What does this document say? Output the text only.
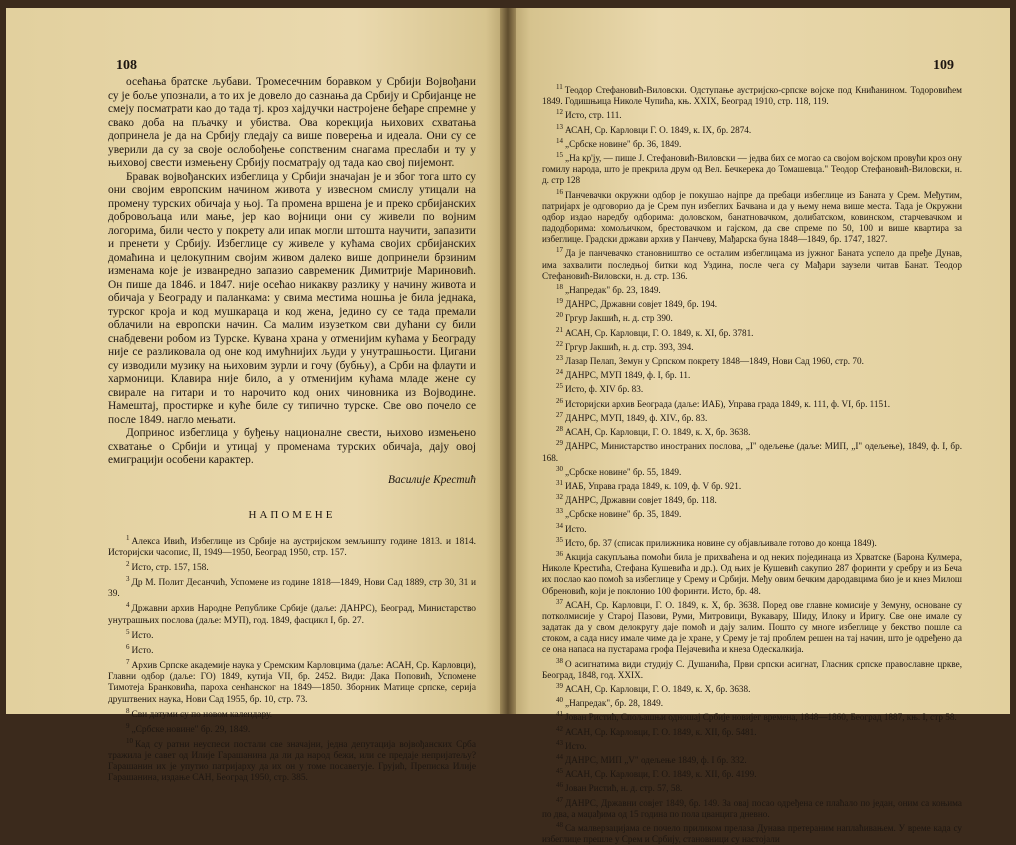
108	109

осећања братске љубави. Тромесечним боравком у Србији Војвођани су је боље упознали, а то их је довело до сазнања да Србију и Србијанце не смеју посматрати као до тада тј. кроз хајдучки настројене беђаре спремне у свако доба на пљачку и убиства. Ова корекција њихових схватања допринела је да на Србију гледају са више поверења и идеала. Они су се уверили да су за своје ослобођење сопственим снагама преслаби и ту у њиховој свести измењену Србију посматрају од тада као свој пиjемонт.

Бравак војвођанских избеглица у Србији значајан је и због тога што су они својим европским начином живота у извесном смислу утицали на промену турских обичаја у њој. Та промена вршена је и преко србијанских добровољаца или мање, јер као војници они су живели по војним логорима, били често у покрету али ипак могли штошта научити, запазити и пренети у Србију. Избеглице су живеле у кућама својих србијанских домаћина и целокупним својим живом далеко више допринели брзиним изменама које је изванредно запазио савременик Димитрије Мариновић. Он пише да 1846. и 1847. није осећао никакву разлику у начину живота и обичаја у Београду и паланкама: у свима местима ношња је била једнака, турског кроја и код мушкараца и код жена, једино су се тада премали облачили на европски начин. Са малим изузетком сви дућани су били снабдевени робом из Турске. Кувана храна у отменијим кућама у Београду није се разликовала од оне код имућнијих људи у унутрашњости. Цигани су изводили музику на њиховим зурли и гочу (бубњу), а Срби на флаути и хармоници. Клавира није било, а у отменијим кућама младе жене су свирале на гитари и то нарочито код оних чиновника из Војводине. Намештај, простирке и куће биле су типично турске. Све ово почело се после 1849. нагло мењати.

Допринос избеглица у буђењу националне свести, њихово измењено схватање о Србији и утицај у променама турских обичаја, дају овој емиграцији особени карактер.

Василије Крестић
НАПОМЕНЕ

$^1$ Алекса Ивић, Избеглице из Србије на аустријском земљишту године 1813. и 1814. Историјски часопис, II, 1949—1950, Београд 1950, стр. 157.

$^2$ Исто, стр. 157, 158.

$^3$ Др М. Полит Десанчић, Успомене из године 1818—1849, Нови Сад 1889, стр 30, 31 и 39.

$^4$ Државни архив Народне Републике Србије (даље: ДАНРС), Београд, Министарство унутрашњих послова (даље: МУП), год. 1849, фасцикл I, бр. 27.

$^5$ Исто.

$^6$ Исто.

$^7$ Архив Српске академије наука у Сремским Карловцима (даље: АСАН, Ср. Карловци), Главни одбор (даље: ГО) 1849, кутија VII, бр. 2452. Види: Дака Поповић, Успомене Тимотеја Бранковића, пароха сенћанског на 1849—1850. Зборник Матице српске, серија друштвених наука, Нови Сад 1955, бр. 10, стр. 73.

$^8$ Сви датуми су по новом календару.

$^9$ „Србске новине" бр. 29, 1849.

$^{10}$ Кад су ратни неуспеси постали све значајни, једна депутација војвођанских Срба тражила је савет од Илије Гарашанина да ли да народ бежи, или се предаје непријатељу? Гарашанин их је упутио патријарху да их он у томе посаветује. Грујић, Преписка Илије Гарашанина, издање САН, Београд 1950, стр. 385.

$^{11}$ Теодор Стефановић-Виловски. Одступање аустријско-српске војске под Книћанином. Тодоровићем 1849. Годишњица Николе Чупића, књ. XXIX, Београд 1910, стр. 118, 119.

$^{12}$ Исто, стр. 111.

$^{13}$ АСАН, Ср. Карловци Г. О. 1849, к. IX, бр. 2874.

$^{14}$ „Србске новине" бр. 36, 1849.

$^{15}$ „На кр'ју, — пише Ј. Стефановић-Виловски — једва бих се могао са својом војском провући кроз ону гомилу народа, што је прекрила друм од Вел. Бечкерека до Томашевца." Теодор Стефановић-Виловски, н. д. стр 128

$^{16}$ Панчевачки окружни одбор је покушао најпре да пребаци избеглице из Баната у Срем. Међутим, патријарх је одговорио да је Срем пун избеглих Бачвана и да у њему нема више места. Тада је Окружни одбор издао наредбу одборима: доловском, банатновачком, долибатском, ковинском, старчевачком и падодборима: хомољичком, брестовачком и гајском, да све спреме по 50, 100 и више квартира за избеглице. Градски држави архив у Панчеву, Мађарска буна 1848—1849, бр. 1747, 1827.

$^{17}$ Да је панчевачко становништво се осталим избеглицама из јужног Баната успело да пређе Дунав, има захвалити последњој битки код Уздина, после чега су Мађари заузели читав Банат. Теодор Стефановић-Виловски, н. д. стр. 136.

$^{18}$ „Напредак" бр. 23, 1849.

$^{19}$ ДАНРС, Државни совјет 1849, бр. 194.

$^{20}$ Гргур Јакшић, н. д. стр 390.

$^{21}$ АСАН, Ср. Карловци, Г. О. 1849, к. XI, бр. 3781.

$^{22}$ Гргур Јакшић, н. д. стр. 393, 394.

$^{23}$ Лазар Пелап, Земун у Српском покрету 1848—1849, Нови Сад 1960, стр. 70.

$^{24}$ ДАНРС, МУП 1849, ф. I, бр. 11.

$^{25}$ Исто, ф. XIV бр. 83.

$^{26}$ Историјски архив Београда (даље: ИАБ), Управа града 1849, к. 111, ф. VI, бр. 1151.

$^{27}$ ДАНРС, МУП, 1849, ф. XIV., бр. 83.

$^{28}$ АСАН, Ср. Карловци, Г. О. 1849, к. X, бр. 3638.

$^{29}$ ДАНРС, Министарство иностраних послова, „I" одељење (даље: МИП, „I" одељење), 1849, ф. I, бр. 168.

$^{30}$ „Србске новине" бр. 55, 1849.

$^{31}$ ИАБ, Управа града 1849, к. 109, ф. V бр. 921.

$^{32}$ ДАНРС, Државни совјет 1849, бр. 118.

$^{33}$ „Србске новине" бр. 35, 1849.

$^{34}$ Исто.

$^{35}$ Исто, бр. 37 (списак прилижника новине су објављивале готово до конца 1849).

$^{36}$ Акција сакупљања помоћи била је прихваћена и од неких појединаца из Хрватске (Барона Кулмера, Николе Крестића, Стефана Кушевића и др.). Од њих је Кушевић сакупио 287 форинти у сребру и из Беча их послао као помоћ за избеглице у Срему и Србији. Међу овим бечким дародавцима био је и кнез Милош Обреновић, који је поклонио 100 форинти. Исто, бр. 48.

$^{37}$ АСАН, Ср. Карловци, Г. О. 1849, к. X, бр. 3638. Поред ове главне комисије у Земуну, основане су потколмисије у Старој Пазови, Руми, Митровици, Вукавару, Шиду, Илоку и Иригу. Све оне имале су задатак да у свом делокругу даје помоћ и дају залим. Пошто су многе избеглице у бекство пошле са стоком, а сада нису имале чиме да је хране, у Срему је тај проблем решен на тај начин, што је одређено да се она напаса на пустарама грофа Пејачевића и кнеза Одескалкија.

$^{38}$ О асигнатима види студију С. Душанића, Први српски асигнат, Гласник српске православне цркве, Београд, 1848, год. XXIX.

$^{39}$ АСАН, Ср. Карловци, Г. О. 1849, к. X, бр. 3638.

$^{40}$ „Напредак", бр. 28, 1849.

$^{41}$ Јован Ристић, Спољашњи одношај Србије новијег времена, 1848—1860, Београд 1887, књ. I, стр 58.

$^{42}$ АСАН, Ср. Карловци, Г. О. 1849, к. XII, бр. 5481.

$^{43}$ Исто.

$^{44}$ ДАНРС, МИП „V" одељење 1849, ф. I бр. 332.

$^{45}$ АСАН, Ср. Карловци, Г. О. 1849, к. XII, бр. 4199.

$^{46}$ Јован Ристић, н. д. стр. 57, 58.

$^{47}$ ДАНРС, Државни совјет 1849, бр. 149. За овај посао одређена се плаћало по један, оним са коњима по два, а маџађима од 15 година по пола цванцига дневно.

$^{48}$ Са малверзацијама се почело приликом прелаза Дунава претераним наплаћивањем. У време када су избеглице прешле у Срем и Србију, становници су настојали
